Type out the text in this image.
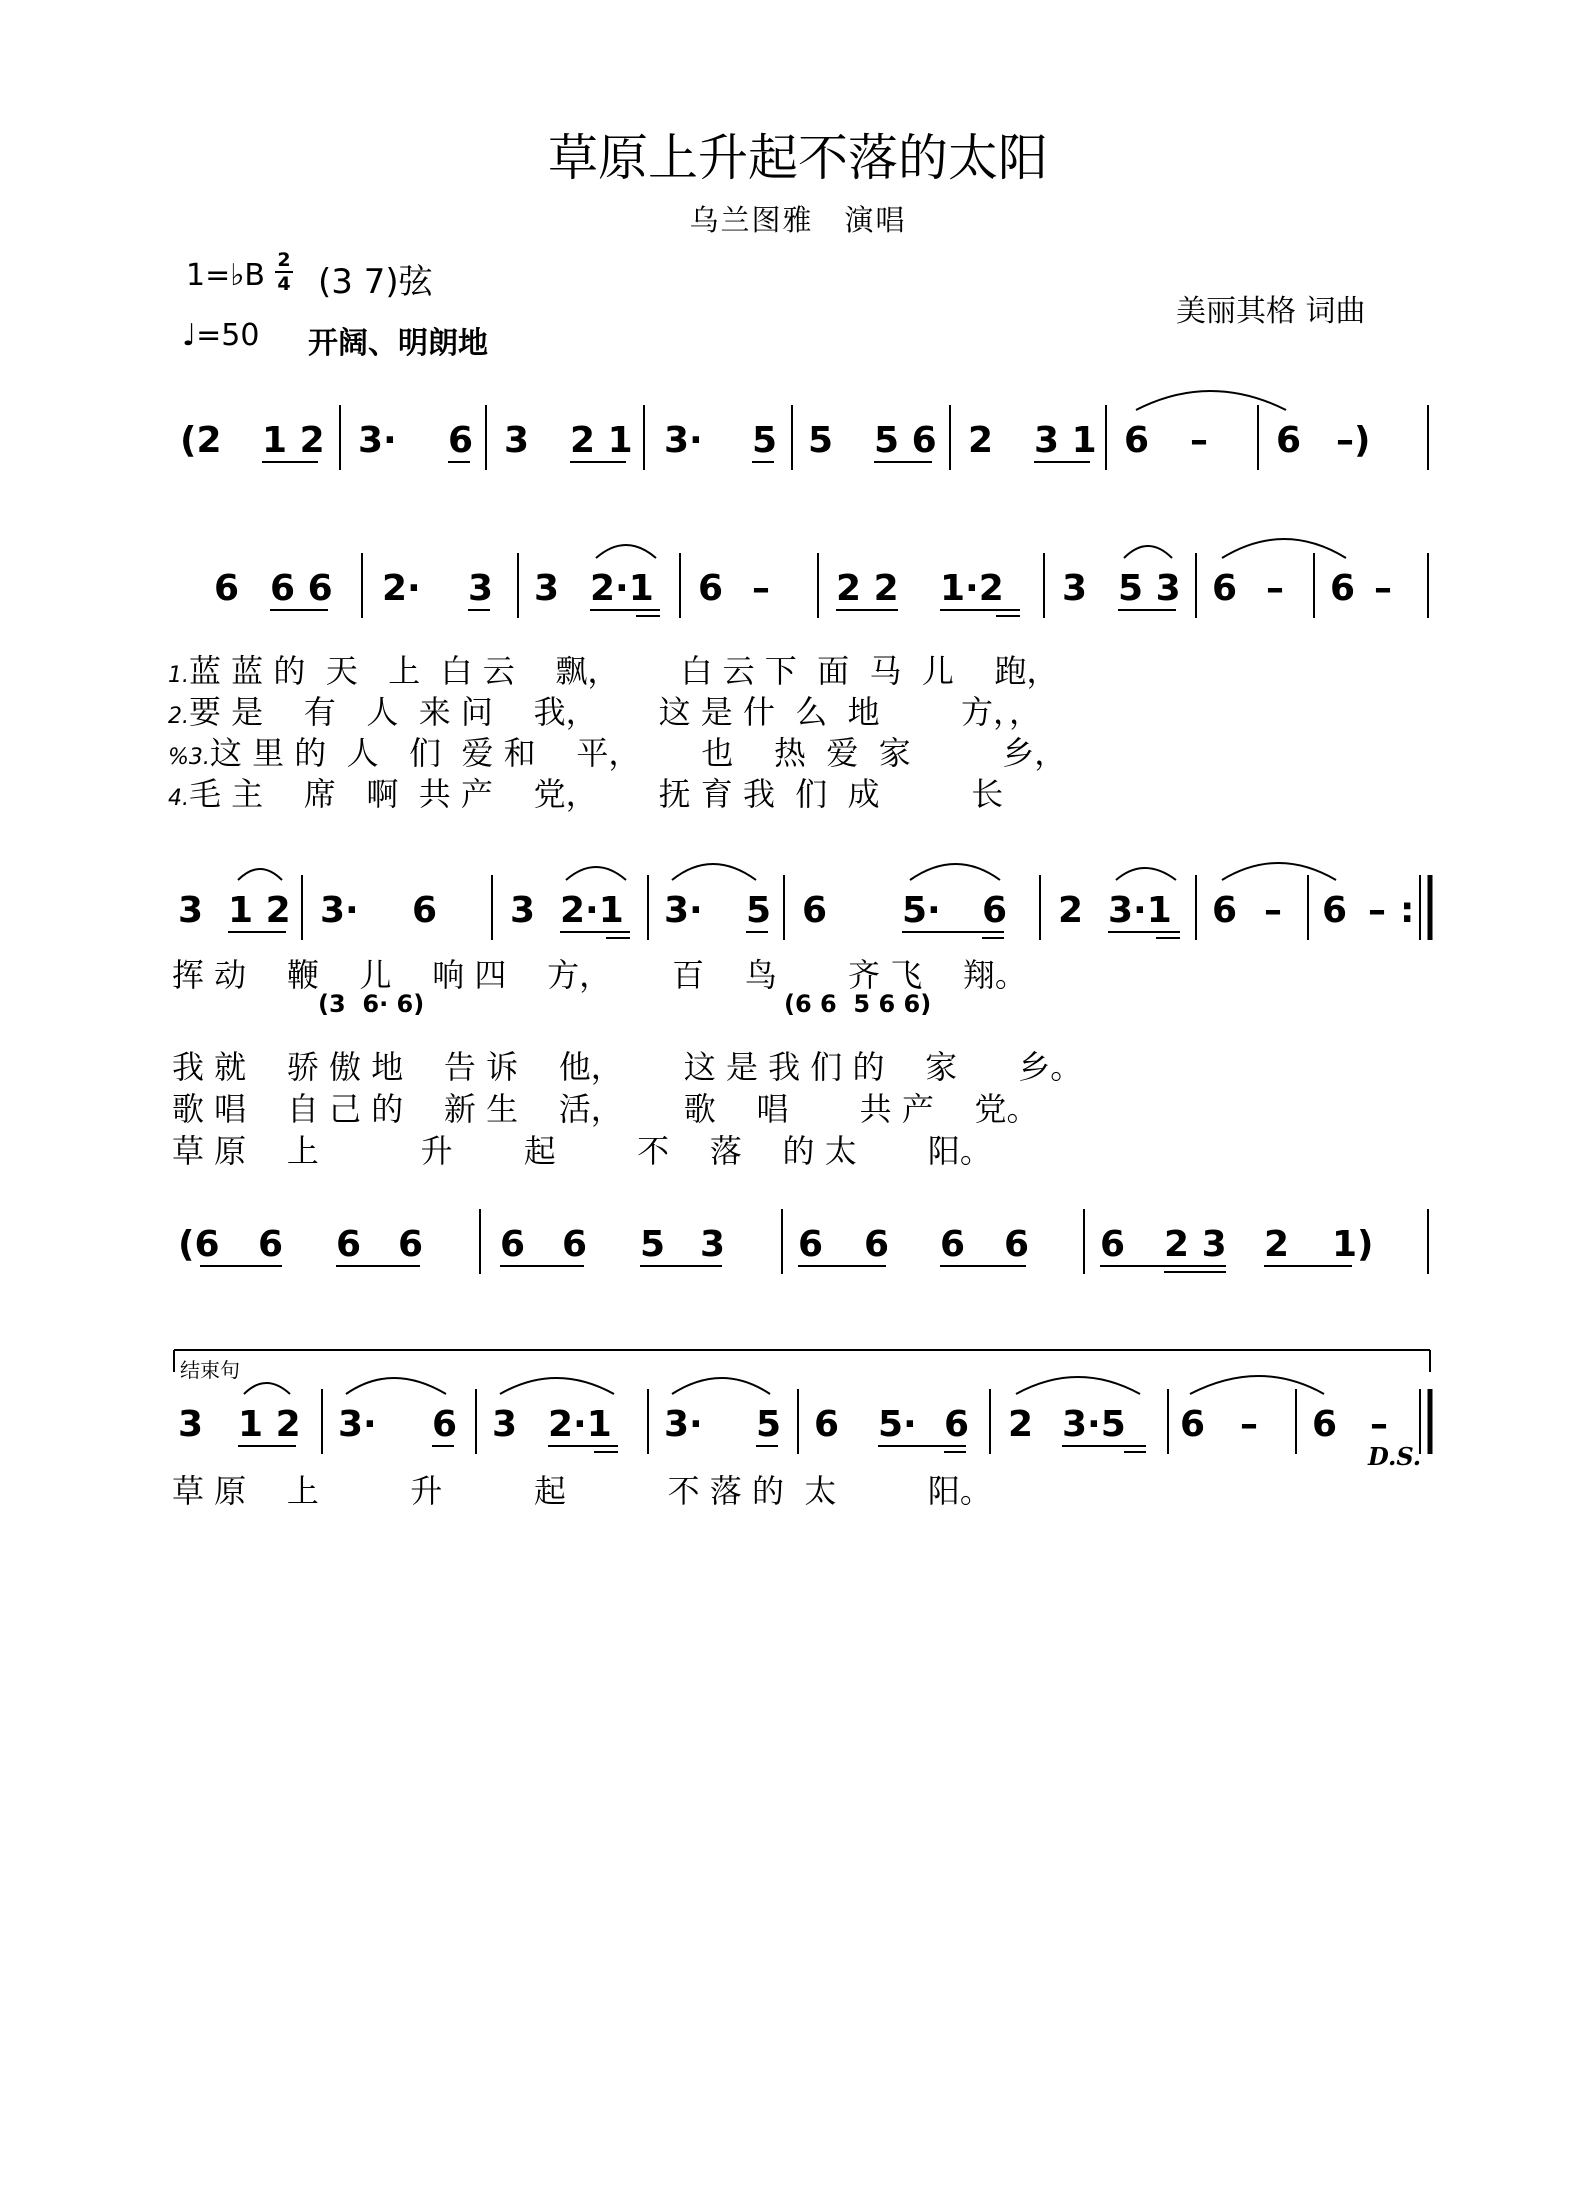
草原上升起不落的太阳
乌兰图雅　演唱
1=♭B 2
4 (3 7)弦
♩=50 开阔、明朗地
美丽其格 词曲
(2 1 2 3· 6 3 2 1 3· 5 5 5 6 2 3 1 6 – 6 –)
6 6 6 2· 3 3 2·1 6 – 2 2 1·2 3 5 3 6 – 6 –
3 1 2 3· 6 3 2·1 3· 5 6 5· 6 2 3·1 6 – 6 – :
(6 6 6 6 6 6 5 3 6 6 6 6 6 2 3 2 1)
3 1 2 3· 6 3 2·1 3· 5 6 5· 6 2 3·5 6 – 6 –
1.蓝 蓝 的  天   上  白 云    飘，      白 云 下  面  马  儿    跑，
2.要 是    有   人  来 问    我，      这 是 什  么  地        方，，
%3.这 里 的  人   们  爱 和    平，      也    热  爱  家         乡，
4.毛 主    席   啊  共 产    党，      抚 育 我  们  成         长
挥 动    鞭    儿    响 四    方，      百    鸟       齐 飞    翔。
(3  6· 6)	(6 6  5 6 6)
我 就    骄 傲 地    告 诉    他，      这 是 我 们 的    家      乡。
歌 唱    自 己 的    新 生    活，      歌    唱       共 产    党。
草 原    上          升       起        不    落    的 太       阳。
结束句
D.S.
草 原    上         升         起          不 落 的  太         阳。
